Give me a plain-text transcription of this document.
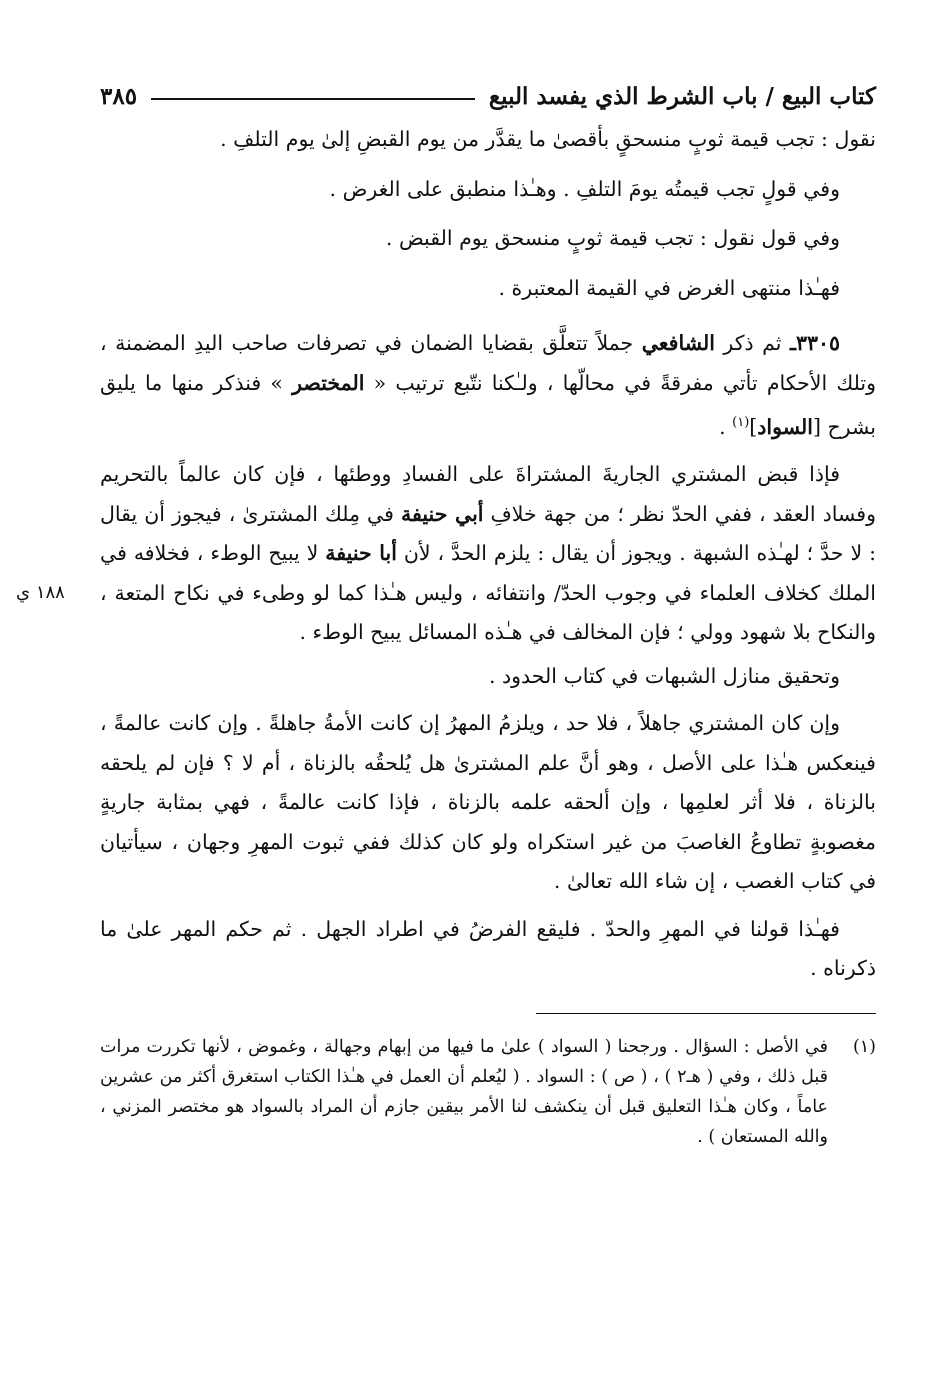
كتاب البيع / باب الشرط الذي يفسد البيع
٣٨٥

نقول : تجب قيمة ثوبٍ منسحقٍ بأقصىٰ ما يقدَّر من يوم القبضِ إلىٰ يوم التلفِ .

وفي قولٍ تجب قيمتُه يومَ التلفِ . وهـٰذا منطبق على الغرض .

وفي قول نقول : تجب قيمة ثوبٍ منسحق يوم القبض .

فهـٰذا منتهى الغرض في القيمة المعتبرة .

٣٣٠٥ـ ثم ذكر الشافعي جملاً تتعلَّق بقضايا الضمان في تصرفات صاحب اليدِ المضمنة ، وتلك الأحكام تأتي مفرقةً في محالّها ، ولـٰكنا نتّبع ترتيب « المختصر » فنذكر منها ما يليق بشرح [السواد]$^{(١)}$ .

فإذا قبض المشتري الجاريةَ المشتراةَ على الفسادِ ووطئها ، فإن كان عالماً بالتحريم وفساد العقد ، ففي الحدّ نظر ؛ من جهة خلافِ أبي حنيفة في مِلك المشترىٰ ، فيجوز أن يقال : لا حدَّ ؛ لهـٰذه الشبهة . ويجوز أن يقال : يلزم الحدَّ ، لأن أبا حنيفة لا يبيح الوطء ، فخلافه في الملك كخلاف العلماء في وجوب الحدّ/ وانتفائه ، وليس هـٰذا كما لو وطىء في نكاح المتعة ، والنكاح بلا شهود وولي ؛ فإن المخالف في هـٰذه المسائل يبيح الوطء .
١٨٨ ي

وتحقيق منازل الشبهات في كتاب الحدود .

وإن كان المشتري جاهلاً ، فلا حد ، ويلزمُ المهرُ إن كانت الأمةُ جاهلةً . وإن كانت عالمةً ، فينعكس هـٰذا على الأصل ، وهو أنَّ علم المشترىٰ هل يُلحقُه بالزناة ، أم لا ؟ فإن لم يلحقه بالزناة ، فلا أثر لعلمِها ، وإن ألحقه علمه بالزناة ، فإذا كانت عالمةً ، فهي بمثابة جاريةٍ مغصوبةٍ تطاوعُ الغاصبَ من غير استكراه ولو كان كذلك ففي ثبوت المهرِ وجهان ، سيأتيان في كتاب الغصب ، إن شاء الله تعالىٰ .

فهـٰذا قولنا في المهرِ والحدّ . فليقع الفرضُ في اطراد الجهل . ثم حكم المهر علىٰ ما ذكرناه .

(١)
في الأصل : السؤال . ورجحنا ( السواد ) علىٰ ما فيها من إبهام وجهالة ، وغموض ، لأنها تكررت مرات قبل ذلك ، وفي ( هـ٢ ) ، ( ص ) : السواد . ( ليُعلم أن العمل في هـٰذا الكتاب استغرق أكثر من عشرين عاماً ، وكان هـٰذا التعليق قبل أن ينكشف لنا الأمر بيقين جازم أن المراد بالسواد هو مختصر المزني ، والله المستعان ) .
